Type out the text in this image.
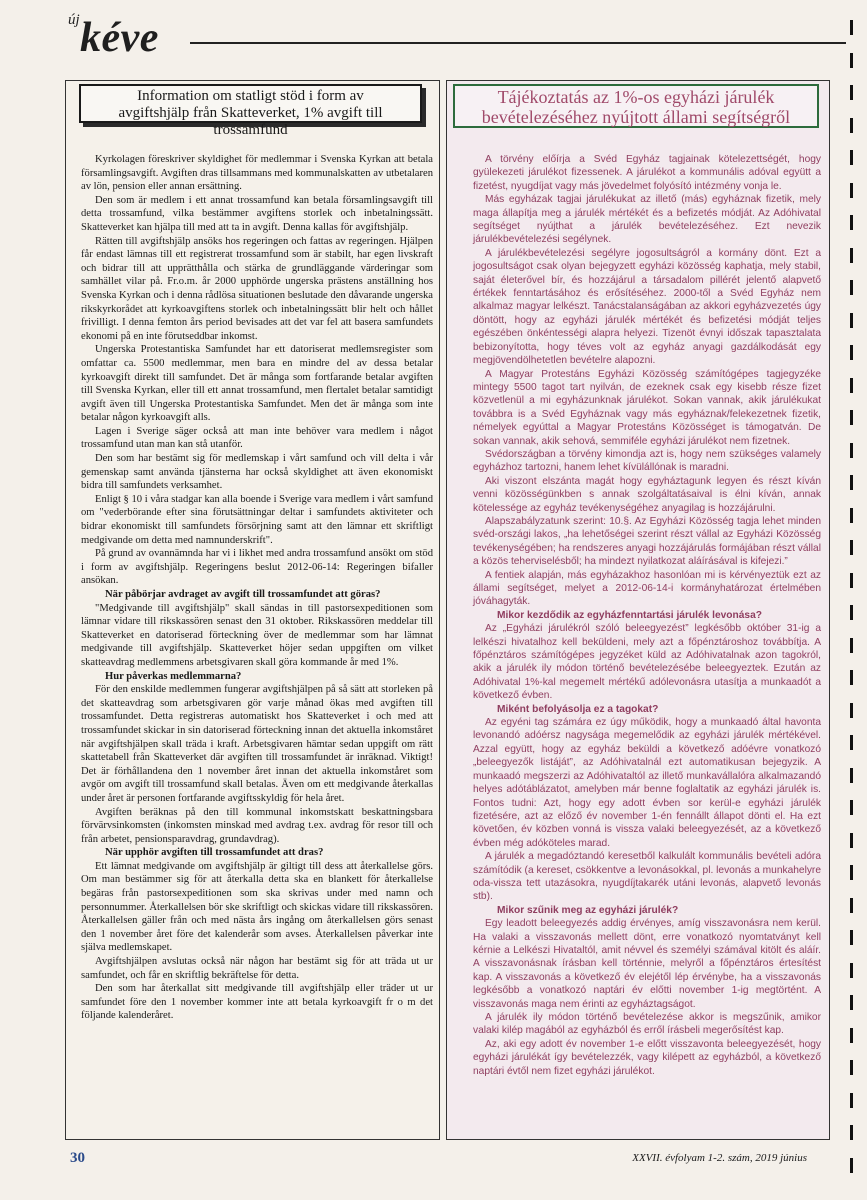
új kéve
Information om statligt stöd i form av
avgiftshjälp från Skatteverket, 1% avgift till trossamfund

Kyrkolagen föreskriver skyldighet för medlemmar i Svenska Kyrkan att betala församlingsavgift. Avgiften dras tillsammans med kommunalskatten av utbetalaren av lön, pension eller annan ersättning.

Den som är medlem i ett annat trossamfund kan betala församlingsavgift till detta trossamfund, vilka bestämmer avgiftens storlek och inbetalningssätt. Skatteverket kan hjälpa till med att ta in avgift. Denna kallas för avgiftshjälp.

Rätten till avgiftshjälp ansöks hos regeringen och fattas av regeringen. Hjälpen får endast lämnas till ett registrerat trossamfund som är stabilt, har egen livskraft och bidrar till att upprätthålla och stärka de grundläggande värderingar som samhället vilar på. Fr.o.m. år 2000 upphörde ungerska prästens anställning hos Svenska Kyrkan och i denna rådlösa situationen beslutade den dåvarande ungerska rikskyrkorådet att kyrkoavgiftens storlek och inbetalningssätt blir helt och hållet frivilligt. I denna femton års period bevisades att det var fel att basera samfundets ekonomi på en inte förutseddbar inkomst.

Ungerska Protestantiska Samfundet har ett datoriserat medlemsregister som omfattar ca. 5500 medlemmar, men bara en mindre del av dessa betalar kyrkoavgift direkt till samfundet. Det är många som fortfarande betalar avgiften till Svenska Kyrkan, eller till ett annat trossamfund, men flertalet betalar samtidigt avgift även till Ungerska Protestantiska Samfundet. Men det är många som inte betalar någon kyrkoavgift alls.

Lagen i Sverige säger också att man inte behöver vara medlem i något trossamfund utan man kan stå utanför.

Den som har bestämt sig för medlemskap i vårt samfund och vill delta i vår gemenskap samt använda tjänsterna har också skyldighet att även ekonomiskt bidra till samfundets verksamhet.

Enligt § 10 i våra stadgar kan alla boende i Sverige vara medlem i vårt samfund om "vederbörande efter sina förutsättningar deltar i samfundets aktiviteter och bidrar ekonomiskt till samfundets försörjning samt att den lämnar ett skriftligt medgivande om detta med namnunderskrift".

På grund av ovannämnda har vi i likhet med andra trossamfund ansökt om stöd i form av avgiftshjälp. Regeringens beslut 2012-06-14: Regeringen bifaller ansökan.

När påbörjar avdraget av avgift till trossamfundet att göras?

"Medgivande till avgiftshjälp" skall sändas in till pastorsexpeditionen som lämnar vidare till rikskassören senast den 31 oktober. Rikskassören meddelar till Skatteverket en datoriserad förteckning över de medlemmar som har lämnat medgivande till avgiftshjälp. Skatteverket höjer sedan uppgiften om vilket skatteavdrag medlemmens arbetsgivaren skall göra kommande år med 1%.

Hur påverkas medlemmarna?

För den enskilde medlemmen fungerar avgiftshjälpen på så sätt att storleken på det skatteavdrag som arbetsgivaren gör varje månad ökas med avgiften till trossamfundet. Detta registreras automatiskt hos Skatteverket i och med att trossamfundet skickar in sin datoriserad förteckning innan det aktuella inkomståret när avgiftshjälpen skall träda i kraft. Arbetsgivaren hämtar sedan uppgift om rätt skattetabell från Skatteverket där avgiften till trossamfundet är inräknad. Viktigt! Det är förhållandena den 1 november året innan det aktuella inkomståret som avgör om avgift till trossamfund skall betalas. Även om ett medgivande återkallas under året är personen fortfarande avgiftsskyldig för hela året.

Avgiften beräknas på den till kommunal inkomstskatt beskattningsbara förvärvsinkomsten (inkomsten minskad med avdrag t.ex. avdrag för resor till och från arbetet, pensionsparavdrag, grundavdrag).

När upphör avgiften till trossamfundet att dras?

Ett lämnat medgivande om avgiftshjälp är giltigt till dess att återkallelse görs. Om man bestämmer sig för att återkalla detta ska en blankett för återkallelse begäras från pastorsexpeditionen som ska skrivas under med namn och personnummer. Återkallelsen bör ske skriftligt och skickas vidare till rikskassören. Återkallelsen gäller från och med nästa års ingång om återkallelsen görs senast den 1 november året före det kalenderår som avses. Återkallelsen påverkar inte själva medlemskapet.

Avgiftshjälpen avslutas också när någon har bestämt sig för att träda ut ur samfundet, och får en skriftlig bekräftelse för detta.

Den som har återkallat sitt medgivande till avgiftshjälp eller träder ut ur samfundet före den 1 november kommer inte att betala kyrkoavgift fr o m det följande kalenderåret.

Tájékoztatás az 1%-os egyházi járulék
bevételezéséhez nyújtott állami segítségről

A törvény előírja a Svéd Egyház tagjainak kötelezettségét, hogy gyülekezeti járulékot fizessenek. A járulékot a kommunális adóval együtt a fizetést, nyugdíjat vagy más jövedelmet folyósító intézmény vonja le.

Más egyházak tagjai járulékukat az illető (más) egyháznak fizetik, mely maga állapítja meg a járulék mértékét és a befizetés módját. Az Adóhivatal segítséget nyújthat a járulék bevételezéséhez. Ezt nevezik járulékbevételezési segélynek.

A járulékbevételezési segélyre jogosultságról a kormány dönt. Ezt a jogosultságot csak olyan bejegyzett egyházi közösség kaphatja, mely stabil, saját életerővel bír, és hozzájárul a társadalom pillérét jelentő alapvető értékek fenntartásához és erősítéséhez. 2000-től a Svéd Egyház nem alkalmaz magyar lelkészt. Tanácstalanságában az akkori egyházvezetés úgy döntött, hogy az egyházi járulék mértékét és befizetési módját teljes egészében önkéntességi alapra helyezi. Tizenöt évnyi időszak tapasztalata bebizonyította, hogy téves volt az egyház anyagi gazdálkodását egy megjövendölhetetlen bevételre alapozni.

A Magyar Protestáns Egyházi Közösség számítógépes tagjegyzéke mintegy 5500 tagot tart nyilván, de ezeknek csak egy kisebb része fizet közvetlenül a mi egyházunknak járulékot. Sokan vannak, akik járulékukat továbbra is a Svéd Egyháznak vagy más egyháznak/felekezetnek fizetik, némelyek egyúttal a Magyar Protestáns Közösséget is támogatván. De sokan vannak, akik sehová, semmiféle egyházi járulékot nem fizetnek.

Svédországban a törvény kimondja azt is, hogy nem szükséges valamely egyházhoz tartozni, hanem lehet kívülállónak is maradni.

Aki viszont elszánta magát hogy egyháztagunk legyen és részt kíván venni közösségünkben s annak szolgáltatásaival is élni kíván, annak kötelessége az egyház tevékenységéhez anyagilag is hozzájárulni.

Alapszabályzatunk szerint: 10.§. Az Egyházi Közösség tagja lehet minden svéd-országi lakos, „ha lehetőségei szerint részt vállal az Egyházi Közösség tevékenységében; ha rendszeres anyagi hozzájárulás formájában részt vállal a közös teherviselésből; ha mindezt nyilatkozat aláírásával is kifejezi.”

A fentiek alapján, más egyházakhoz hasonlóan mi is kérvényeztük ezt az állami segítséget, melyet a 2012-06-14-i kormányhatározat értelmében jóváhagyták.

Mikor kezdődik az egyházfenntartási járulék levonása?

Az „Egyházi járulékról szóló beleegyezést” legkésőbb október 31-ig a lelkészi hivatalhoz kell beküldeni, mely azt a főpénztároshoz továbbítja. A főpénztáros számítógépes jegyzéket küld az Adóhivatalnak azon tagokról, akik a járulék ily módon történő bevételezésébe beleegyeztek. Ezután az Adóhivatal 1%-kal megemelt mértékű adólevonásra utasítja a munkaadót a következő évben.

Miként befolyásolja ez a tagokat?

Az egyéni tag számára ez úgy működik, hogy a munkaadó által havonta levonandó adóérsz nagysága megemelődik az egyházi járulék mértékével. Azzal együtt, hogy az egyház beküldi a következő adóévre vonatkozó „beleegyezők listáját”, az Adóhivatalnál ezt automatikusan bejegyzik. A munkaadó megszerzi az Adóhivataltól az illető munkavállalóra alkalmazandó helyes adótáblázatot, amelyben már benne foglaltatik az egyházi járulék is. Fontos tudni: Azt, hogy egy adott évben sor kerül-e egyházi járulék fizetésére, azt az előző év november 1-én fennállt állapot dönti el. Ha ezt követően, év közben vonná is vissza valaki beleegyezését, az a következő évben még adóköteles marad.

A járulék a megadóztandó keresetből kalkulált kommunális bevételi adóra számítódik (a kereset, csökkentve a levonásokkal, pl. levonás a munkahelyre oda-vissza tett utazásokra, nyugdíjtakarék utáni levonás, alapvető levonás stb).

Mikor szűnik meg az egyházi járulék?

Egy leadott beleegyezés addig érvényes, amíg visszavonásra nem kerül. Ha valaki a visszavonás mellett dönt, erre vonatkozó nyomtatványt kell kérnie a Lelkészi Hivataltól, amit névvel és személyi számával kitölt és aláír. A visszavonásnak írásban kell történnie, melyről a főpénztáros értesítést kap. A visszavonás a következő év elejétől lép érvénybe, ha a visszavonás legkésőbb a vonatkozó naptári év előtti november 1-ig megtörtént. A visszavonás maga nem érinti az egyháztagságot.

A járulék ily módon történő bevételezése akkor is megszűnik, amikor valaki kilép magából az egyházból és erről írásbeli megerősítést kap.

Az, aki egy adott év november 1-e előtt visszavonta beleegyezését, hogy egyházi járulékát így bevételezzék, vagy kilépett az egyházból, a következő naptári évtől nem fizet egyházi járulékot.

30	XXVII. évfolyam 1-2. szám, 2019 június
